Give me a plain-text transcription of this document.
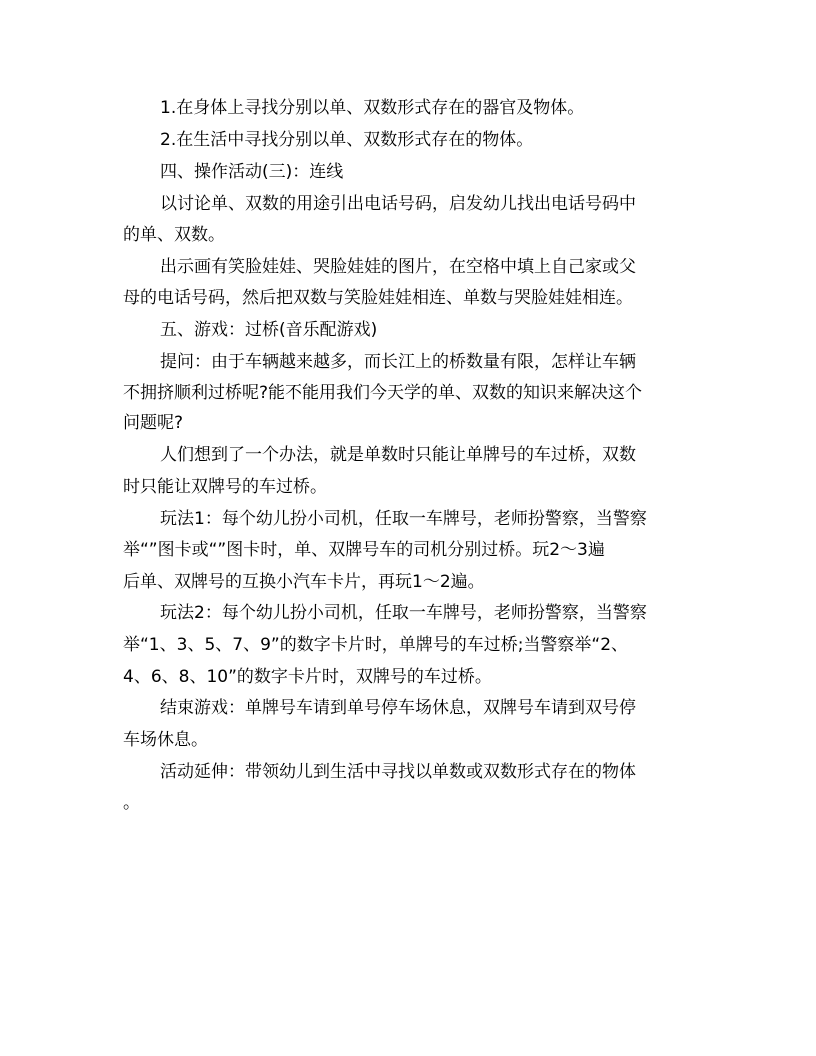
1.在身体上寻找分别以单、双数形式存在的器官及物体。
2.在生活中寻找分别以单、双数形式存在的物体。
四、操作活动(三)：连线
以讨论单、双数的用途引出电话号码，启发幼儿找出电话号码中
的单、双数。
出示画有笑脸娃娃、哭脸娃娃的图片，在空格中填上自己家或父
母的电话号码，然后把双数与笑脸娃娃相连、单数与哭脸娃娃相连。
五、游戏：过桥(音乐配游戏)
提问：由于车辆越来越多，而长江上的桥数量有限，怎样让车辆
不拥挤顺利过桥呢?能不能用我们今天学的单、双数的知识来解决这个
问题呢?
人们想到了一个办法，就是单数时只能让单牌号的车过桥，双数
时只能让双牌号的车过桥。
玩法1：每个幼儿扮小司机，任取一车牌号，老师扮警察，当警察
举“”图卡或“”图卡时，单、双牌号车的司机分别过桥。玩2～3遍
后单、双牌号的互换小汽车卡片，再玩1～2遍。
玩法2：每个幼儿扮小司机，任取一车牌号，老师扮警察，当警察
举“1、3、5、7、9”的数字卡片时，单牌号的车过桥;当警察举“2、
4、6、8、10”的数字卡片时，双牌号的车过桥。
结束游戏：单牌号车请到单号停车场休息，双牌号车请到双号停
车场休息。
活动延伸：带领幼儿到生活中寻找以单数或双数形式存在的物体
。
